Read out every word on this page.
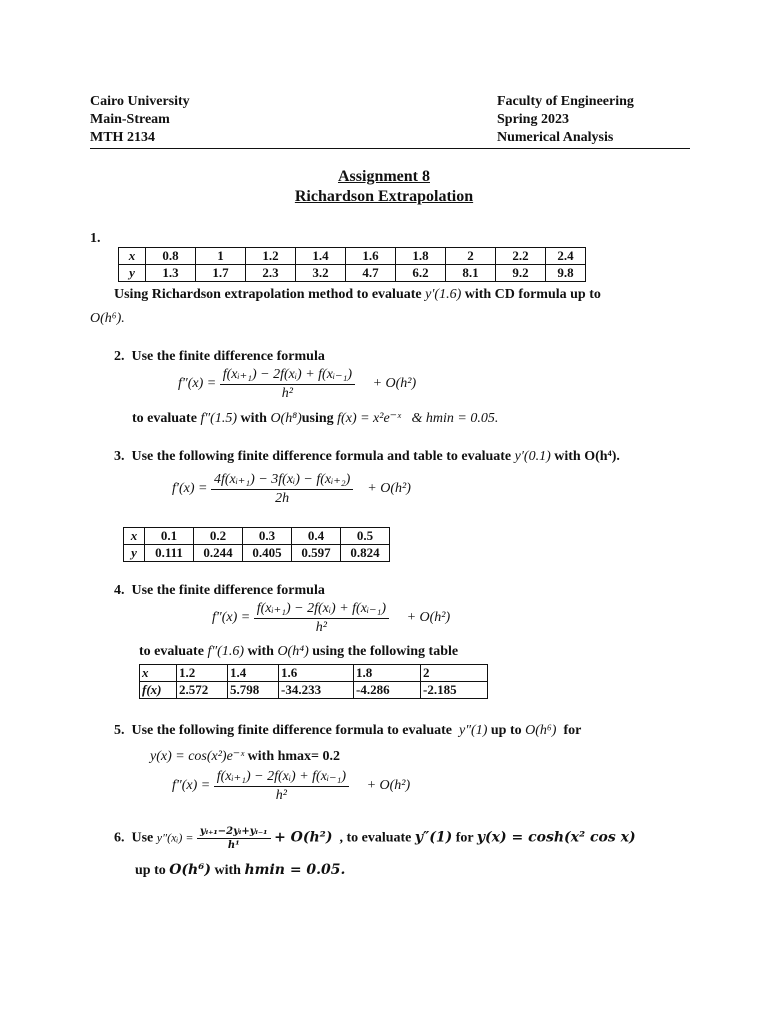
Cairo University
Main-Stream
MTH 2134
Faculty of Engineering
Spring 2023
Numerical Analysis
Assignment 8
Richardson Extrapolation
1.
x	0.8	1	1.2	1.4	1.6	1.8	2	2.2	2.4
y	1.3	1.7	2.3	3.2	4.7	6.2	8.1	9.2	9.8
Using Richardson extrapolation method to evaluate y′(1.6) with CD formula up to
O(h⁶).
2. Use the finite difference formula
$f''(x) = \frac{\text{f(xᵢ₊₁) − 2f(xᵢ) + f(xᵢ₋₁)}}{\text{h²}} + O(h^2)$
to evaluate f″(1.5) with O(h⁸)using f(x) = x²e⁻ˣ & hmin = 0.05.
3. Use the following finite difference formula and table to evaluate y′(0.1) with O(h⁴).
$f'(x) = \frac{\text{4f(xᵢ₊₁) − 3f(xᵢ) − f(xᵢ₊₂)}}{2h} + O(h^2)$
x	0.1	0.2	0.3	0.4	0.5
y	0.111	0.244	0.405	0.597	0.824
4. Use the finite difference formula
$f''(x) = \frac{\text{f(xᵢ₊₁) − 2f(xᵢ) + f(xᵢ₋₁)}}{\text{h²}} + O(h^2)$
to evaluate f″(1.6) with O(h⁴) using the following table
x	1.2	1.4	1.6	1.8	2
f(x)	2.572	5.798	-34.233	-4.286	-2.185
5. Use the following finite difference formula to evaluate y″(1) up to O(h⁶) for
y(x) = cos(x²)e⁻ˣ with hmax= 0.2
$f''(x) = \frac{\text{f(xᵢ₊₁) − 2f(xᵢ) + f(xᵢ₋₁)}}{\text{h²}} + O(h^2)$
6. Use y″(xᵢ) = $\frac{\text{yᵢ₊₁−2yᵢ+yᵢ₋₁}}{\text{h¹}} + O(h^2)$ , to evaluate y″(1) for y(x) = cosh(x² cos x)
up to O(h⁶) with hmin = 0.05.
